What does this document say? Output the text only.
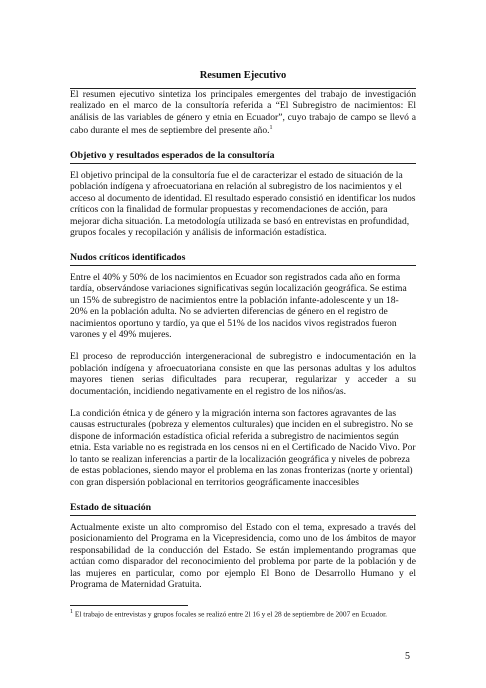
Resumen Ejecutivo
El resumen ejecutivo sintetiza los principales emergentes del trabajo de investigación realizado en el marco de la consultoría referida a “El Subregistro de nacimientos: El análisis de las variables de género y etnia en Ecuador”, cuyo trabajo de campo se llevó a cabo durante el mes de septiembre del presente año.$^1$
Objetivo y resultados esperados de la consultoría
El objetivo principal de la consultoría fue el de caracterizar el estado de situación de la población indígena y afroecuatoriana en relación al subregistro de los nacimientos y el acceso al documento de identidad. El resultado esperado consistió en identificar los nudos críticos con la finalidad de formular propuestas y recomendaciones de acción, para mejorar dicha situación. La metodología utilizada se basó en entrevistas en profundidad, grupos focales y recopilación y análisis de información estadística.
Nudos críticos identificados

Entre el 40% y 50% de los nacimientos en Ecuador son registrados cada año en forma tardía, observándose variaciones significativas según localización geográfica. Se estima un 15% de subregistro de nacimientos entre la población infante-adolescente y un 18-20% en la población adulta. No se advierten diferencias de género en el registro de nacimientos oportuno y tardío, ya que el 51% de los nacidos vivos registrados fueron varones y el 49% mujeres.

El proceso de reproducción intergeneracional de subregistro e indocumentación en la población indígena y afroecuatoriana consiste en que las personas adultas y los adultos mayores tienen serias dificultades para recuperar, regularizar y acceder a su documentación, incidiendo negativamente en el registro de los niños/as.

La condición étnica y de género y la migración interna son factores agravantes de las causas estructurales (pobreza y elementos culturales) que inciden en el subregistro. No se dispone de información estadística oficial referida a subregistro de nacimientos según etnia. Esta variable no es registrada en los censos ni en el Certificado de Nacido Vivo. Por lo tanto se realizan inferencias a partir de la localización geográfica y niveles de pobreza de estas poblaciones, siendo mayor el problema en las zonas fronterizas (norte y oriental) con gran dispersión poblacional en territorios geográficamente inaccesibles

Estado de situación
Actualmente existe un alto compromiso del Estado con el tema, expresado a través del posicionamiento del Programa en la Vicepresidencia, como uno de los ámbitos de mayor responsabilidad de la conducción del Estado. Se están implementando programas que actúan como disparador del reconocimiento del problema por parte de la población y de las mujeres en particular, como por ejemplo El Bono de Desarrollo Humano y el Programa de Maternidad Gratuita.
$^1$ El trabajo de entrevistas y grupos focales se realizó entre 2l 16 y el 28 de septiembre de 2007 en Ecuador.
5
